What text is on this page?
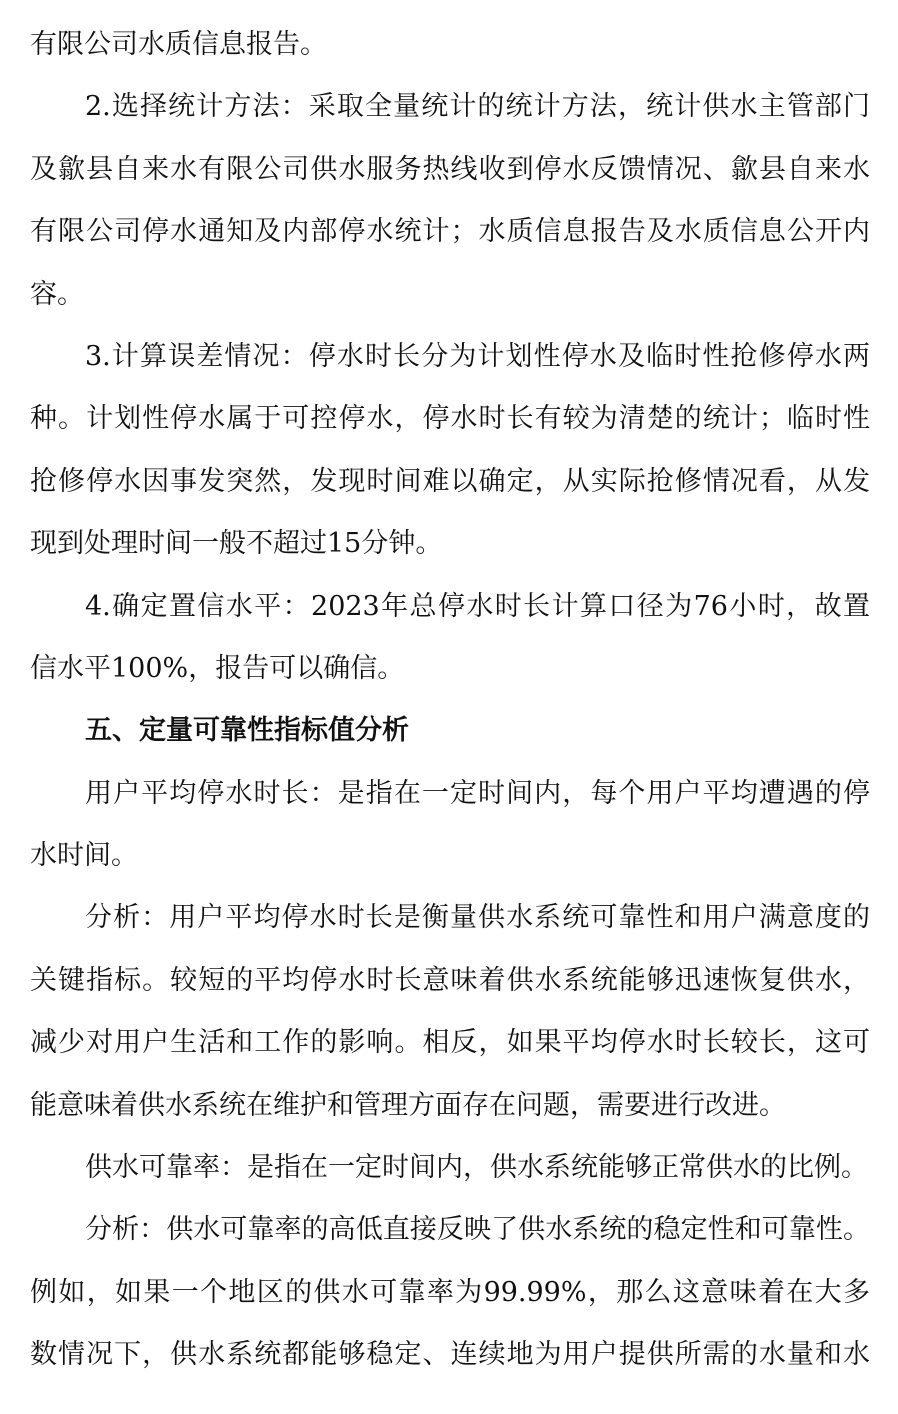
有限公司水质信息报告。
2.选择统计方法：采取全量统计的统计方法，统计供水主管部门
及歙县自来水有限公司供水服务热线收到停水反馈情况、歙县自来水
有限公司停水通知及内部停水统计；水质信息报告及水质信息公开内
容。
3.计算误差情况：停水时长分为计划性停水及临时性抢修停水两
种。计划性停水属于可控停水，停水时长有较为清楚的统计；临时性
抢修停水因事发突然，发现时间难以确定，从实际抢修情况看，从发
现到处理时间一般不超过15分钟。
4.确定置信水平：2023年总停水时长计算口径为76小时，故置
信水平100%，报告可以确信。
五、定量可靠性指标值分析
用户平均停水时长：是指在一定时间内，每个用户平均遭遇的停
水时间。
分析：用户平均停水时长是衡量供水系统可靠性和用户满意度的
关键指标。较短的平均停水时长意味着供水系统能够迅速恢复供水，
减少对用户生活和工作的影响。相反，如果平均停水时长较长，这可
能意味着供水系统在维护和管理方面存在问题，需要进行改进。
供水可靠率：是指在一定时间内，供水系统能够正常供水的比例。
分析：供水可靠率的高低直接反映了供水系统的稳定性和可靠性。
例如，如果一个地区的供水可靠率为99.99%，那么这意味着在大多
数情况下，供水系统都能够稳定、连续地为用户提供所需的水量和水
